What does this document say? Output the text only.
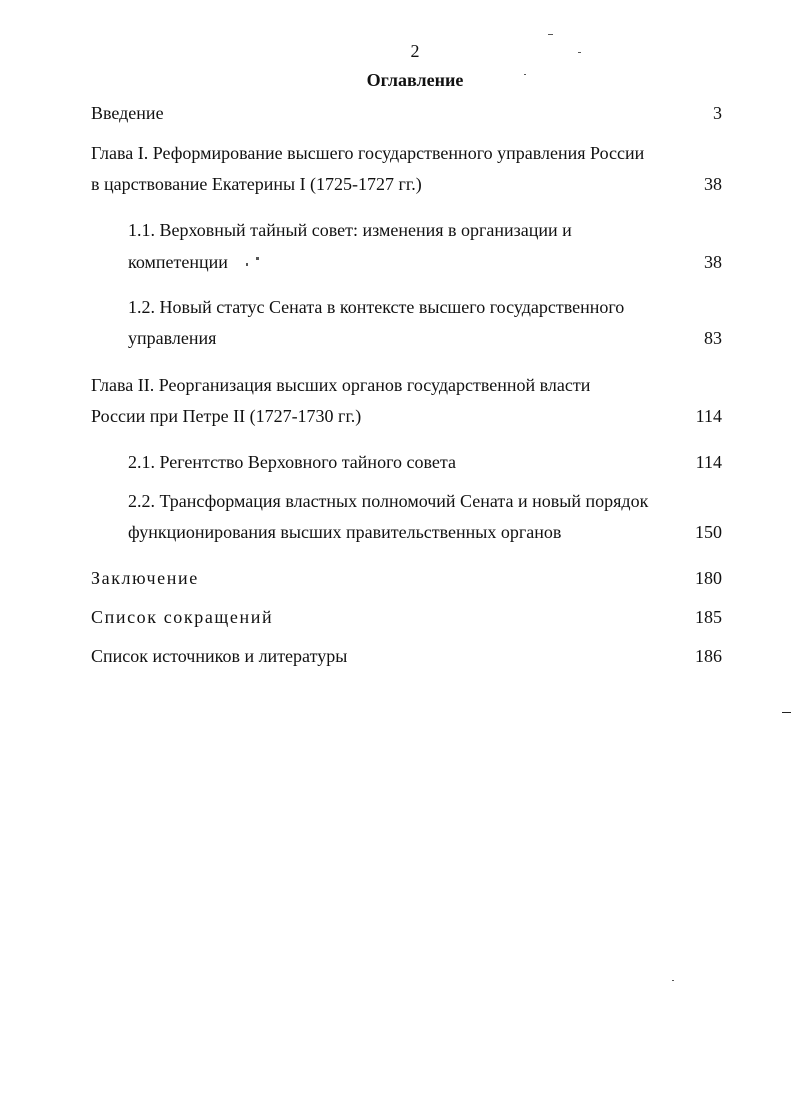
2
Оглавление
Введение	3
Глава I. Реформирование высшего государственного управления России
в царствование Екатерины I (1725-1727 гг.)	38
1.1. Верховный тайный совет: изменения в организации и
компетенции	38
1.2. Новый статус Сената в контексте высшего государственного
управления	83
Глава II. Реорганизация высших органов государственной власти
России при Петре II (1727-1730 гг.)	114
2.1. Регентство Верховного тайного совета	114
2.2. Трансформация властных полномочий Сената и новый порядок
функционирования высших правительственных органов	150
Заключение	180
Список сокращений	185
Список источников и литературы	186
